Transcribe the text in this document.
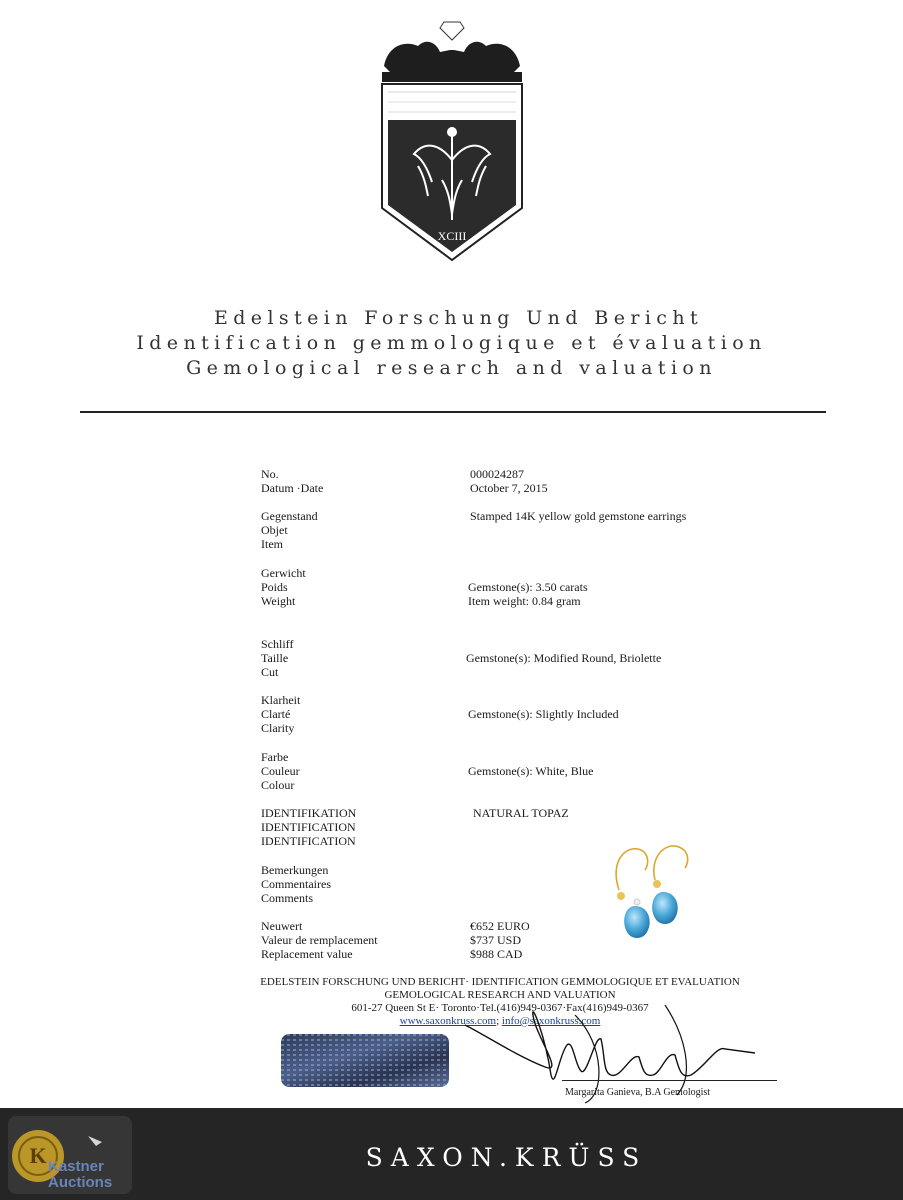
XCIII
Edelstein Forschung Und Bericht
Identification gemmologique et évaluation
Gemological research and valuation
No.
Datum ·Date
000024287
October 7, 2015
Gegenstand
Objet
Item
Stamped 14K yellow gold gemstone earrings
Gerwicht
Poids
Weight
Gemstone(s): 3.50 carats
Item weight: 0.84 gram
Schliff
Taille
Cut
Gemstone(s): Modified Round, Briolette
Klarheit
Clarté
Clarity
Gemstone(s): Slightly Included
Farbe
Couleur
Colour
Gemstone(s): White, Blue
IDENTIFIKATION
IDENTIFICATION
IDENTIFICATION
NATURAL TOPAZ
Bemerkungen
Commentaires
Comments
Neuwert
Valeur de remplacement
Replacement value
€652 EURO
$737 USD
$988 CAD
EDELSTEIN FORSCHUNG UND BERICHT· IDENTIFICATION GEMMOLOGIQUE ET EVALUATION
GEMOLOGICAL RESEARCH AND VALUATION
601-27 Queen St E· Toronto·Tel.(416)949-0367·Fax(416)949-0367
www.saxonkruss.com; info@saxonkruss.com
Margarita Ganieva, B.A Gemologist
SAXON.KRÜSS
K Kastner
Auctions
